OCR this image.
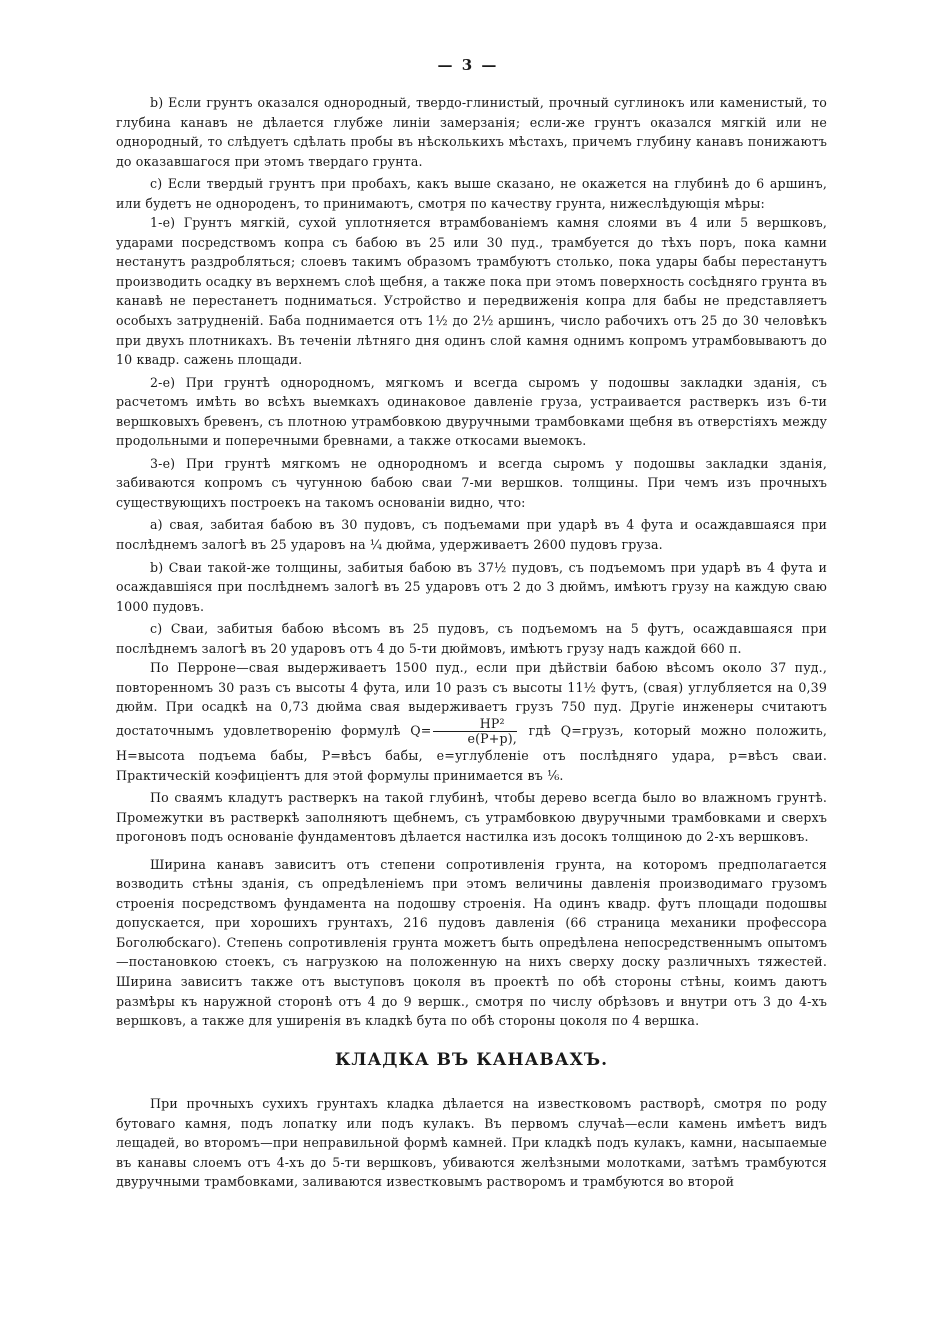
— 3 —

b) Если грунтъ оказался однородный, твердо-глинистый, прочный суглинокъ или каменистый, то глубина канавъ не дѣлается глубже линіи замерзанія; если-же грунтъ оказался мягкій или не однородный, то слѣдуетъ сдѣлать пробы въ нѣсколькихъ мѣстахъ, причемъ глубину канавъ понижаютъ до оказавшагося при этомъ твердаго грунта.

c) Если твердый грунтъ при пробахъ, какъ выше сказано, не окажется на глубинѣ до 6 аршинъ, или будетъ не однороденъ, то принимаютъ, смотря по качеству грунта, нижеслѣдующія мѣры:

1-е) Грунтъ мягкій, сухой уплотняется втрамбованіемъ камня слоями въ 4 или 5 вершковъ, ударами посредствомъ копра съ бабою въ 25 или 30 пуд., трамбуется до тѣхъ поръ, пока камни нестанутъ раздробляться; слоевъ такимъ образомъ трамбуютъ столько, пока удары бабы перестанутъ производить осадку въ верхнемъ слоѣ щебня, а также пока при этомъ поверхность сосѣдняго грунта въ канавѣ не перестанетъ подниматься. Устройство и передвиженія копра для бабы не представляетъ особыхъ затрудненій. Баба поднимается отъ 1½ до 2½ аршинъ, число рабочихъ отъ 25 до 30 человѣкъ при двухъ плотникахъ. Въ теченіи лѣтняго дня одинъ слой камня однимъ копромъ утрамбовываютъ до 10 квадр. сажень площади.

2-е) При грунтѣ однородномъ, мягкомъ и всегда сыромъ у подошвы закладки зданія, съ расчетомъ имѣть во всѣхъ выемкахъ одинаковое давленіе груза, устраивается растверкъ изъ 6-ти вершковыхъ бревенъ, съ плотною утрамбовкою двуручными трамбовками щебня въ отверстіяхъ между продольными и поперечными бревнами, а также откосами выемокъ.

3-е) При грунтѣ мягкомъ не однородномъ и всегда сыромъ у подошвы закладки зданія, забиваются копромъ съ чугунною бабою сваи 7-ми вершков. толщины. При чемъ изъ прочныхъ существующихъ построекъ на такомъ основаніи видно, что:

a) свая, забитая бабою въ 30 пудовъ, съ подъемами при ударѣ въ 4 фута и осаждавшаяся при послѣднемъ залогѣ въ 25 ударовъ на ¼ дюйма, удерживаетъ 2600 пудовъ груза.

b) Сваи такой-же толщины, забитыя бабою въ 37½ пудовъ, съ подъемомъ при ударѣ въ 4 фута и осаждавшіяся при послѣднемъ залогѣ въ 25 ударовъ отъ 2 до 3 дюймъ, имѣютъ грузу на каждую сваю 1000 пудовъ.

c) Сваи, забитыя бабою вѣсомъ въ 25 пудовъ, съ подъемомъ на 5 футъ, осаждавшаяся при послѣднемъ залогѣ въ 20 ударовъ отъ 4 до 5-ти дюймовъ, имѣютъ грузу надъ каждой 660 п.

По Перроне—свая выдерживаетъ 1500 пуд., если при дѣйствіи бабою вѣсомъ около 37 пуд., повторенномъ 30 разъ съ высоты 4 фута, или 10 разъ съ высоты 11½ футъ, (свая) углубляется на 0,39 дюйм. При осадкѣ на 0,73 дюйма свая выдерживаетъ грузъ 750 пуд. Другіе инженеры считаютъ достаточнымъ удовлетворенію формулѣ $Q= \frac{\text{HP²}}{e(P+p),}$ гдѣ Q=грузъ, который можно положить, H=высота подъема бабы, P=вѣсъ бабы, e=углубленіе отъ послѣдняго удара, p=вѣсъ сваи. Практическій коэфиціентъ для этой формулы принимается въ ⅙.

По сваямъ кладутъ растверкъ на такой глубинѣ, чтобы дерево всегда было во влажномъ грунтѣ. Промежутки въ растверкѣ заполняютъ щебнемъ, съ утрамбовкою двуручными трамбовками и сверхъ прогоновъ подъ основаніе фундаментовъ дѣлается настилка изъ досокъ толщиною до 2-хъ вершковъ.

Ширина канавъ зависитъ отъ степени сопротивленія грунта, на которомъ предполагается возводить стѣны зданія, съ опредѣленіемъ при этомъ величины давленія производимаго грузомъ строенія посредствомъ фундамента на подошву строенія. На одинъ квадр. футъ площади подошвы допускается, при хорошихъ грунтахъ, 216 пудовъ давленія (66 страница механики профессора Боголюбскаго). Степень сопротивленія грунта можетъ быть опредѣлена непосредственнымъ опытомъ—постановкою стоекъ, съ нагрузкою на положенную на нихъ сверху доску различныхъ тяжестей. Ширина зависитъ также отъ выступовъ цоколя въ проектѣ по обѣ стороны стѣны, коимъ даютъ размѣры къ наружной сторонѣ отъ 4 до 9 вершк., смотря по числу обрѣзовъ и внутри отъ 3 до 4-хъ вершковъ, а также для уширенія въ кладкѣ бута по обѣ стороны цоколя по 4 вершка.

КЛАДКА ВЪ КАНАВАХЪ.

При прочныхъ сухихъ грунтахъ кладка дѣлается на известковомъ растворѣ, смотря по роду бутоваго камня, подъ лопатку или подъ кулакъ. Въ первомъ случаѣ—если камень имѣетъ видъ лещадей, во второмъ—при неправильной формѣ камней. При кладкѣ подъ кулакъ, камни, насыпаемые въ канавы слоемъ отъ 4-хъ до 5-ти вершковъ, убиваются желѣзными молотками, затѣмъ трамбуются двуручными трамбовками, заливаются известковымъ растворомъ и трамбуются во второй
